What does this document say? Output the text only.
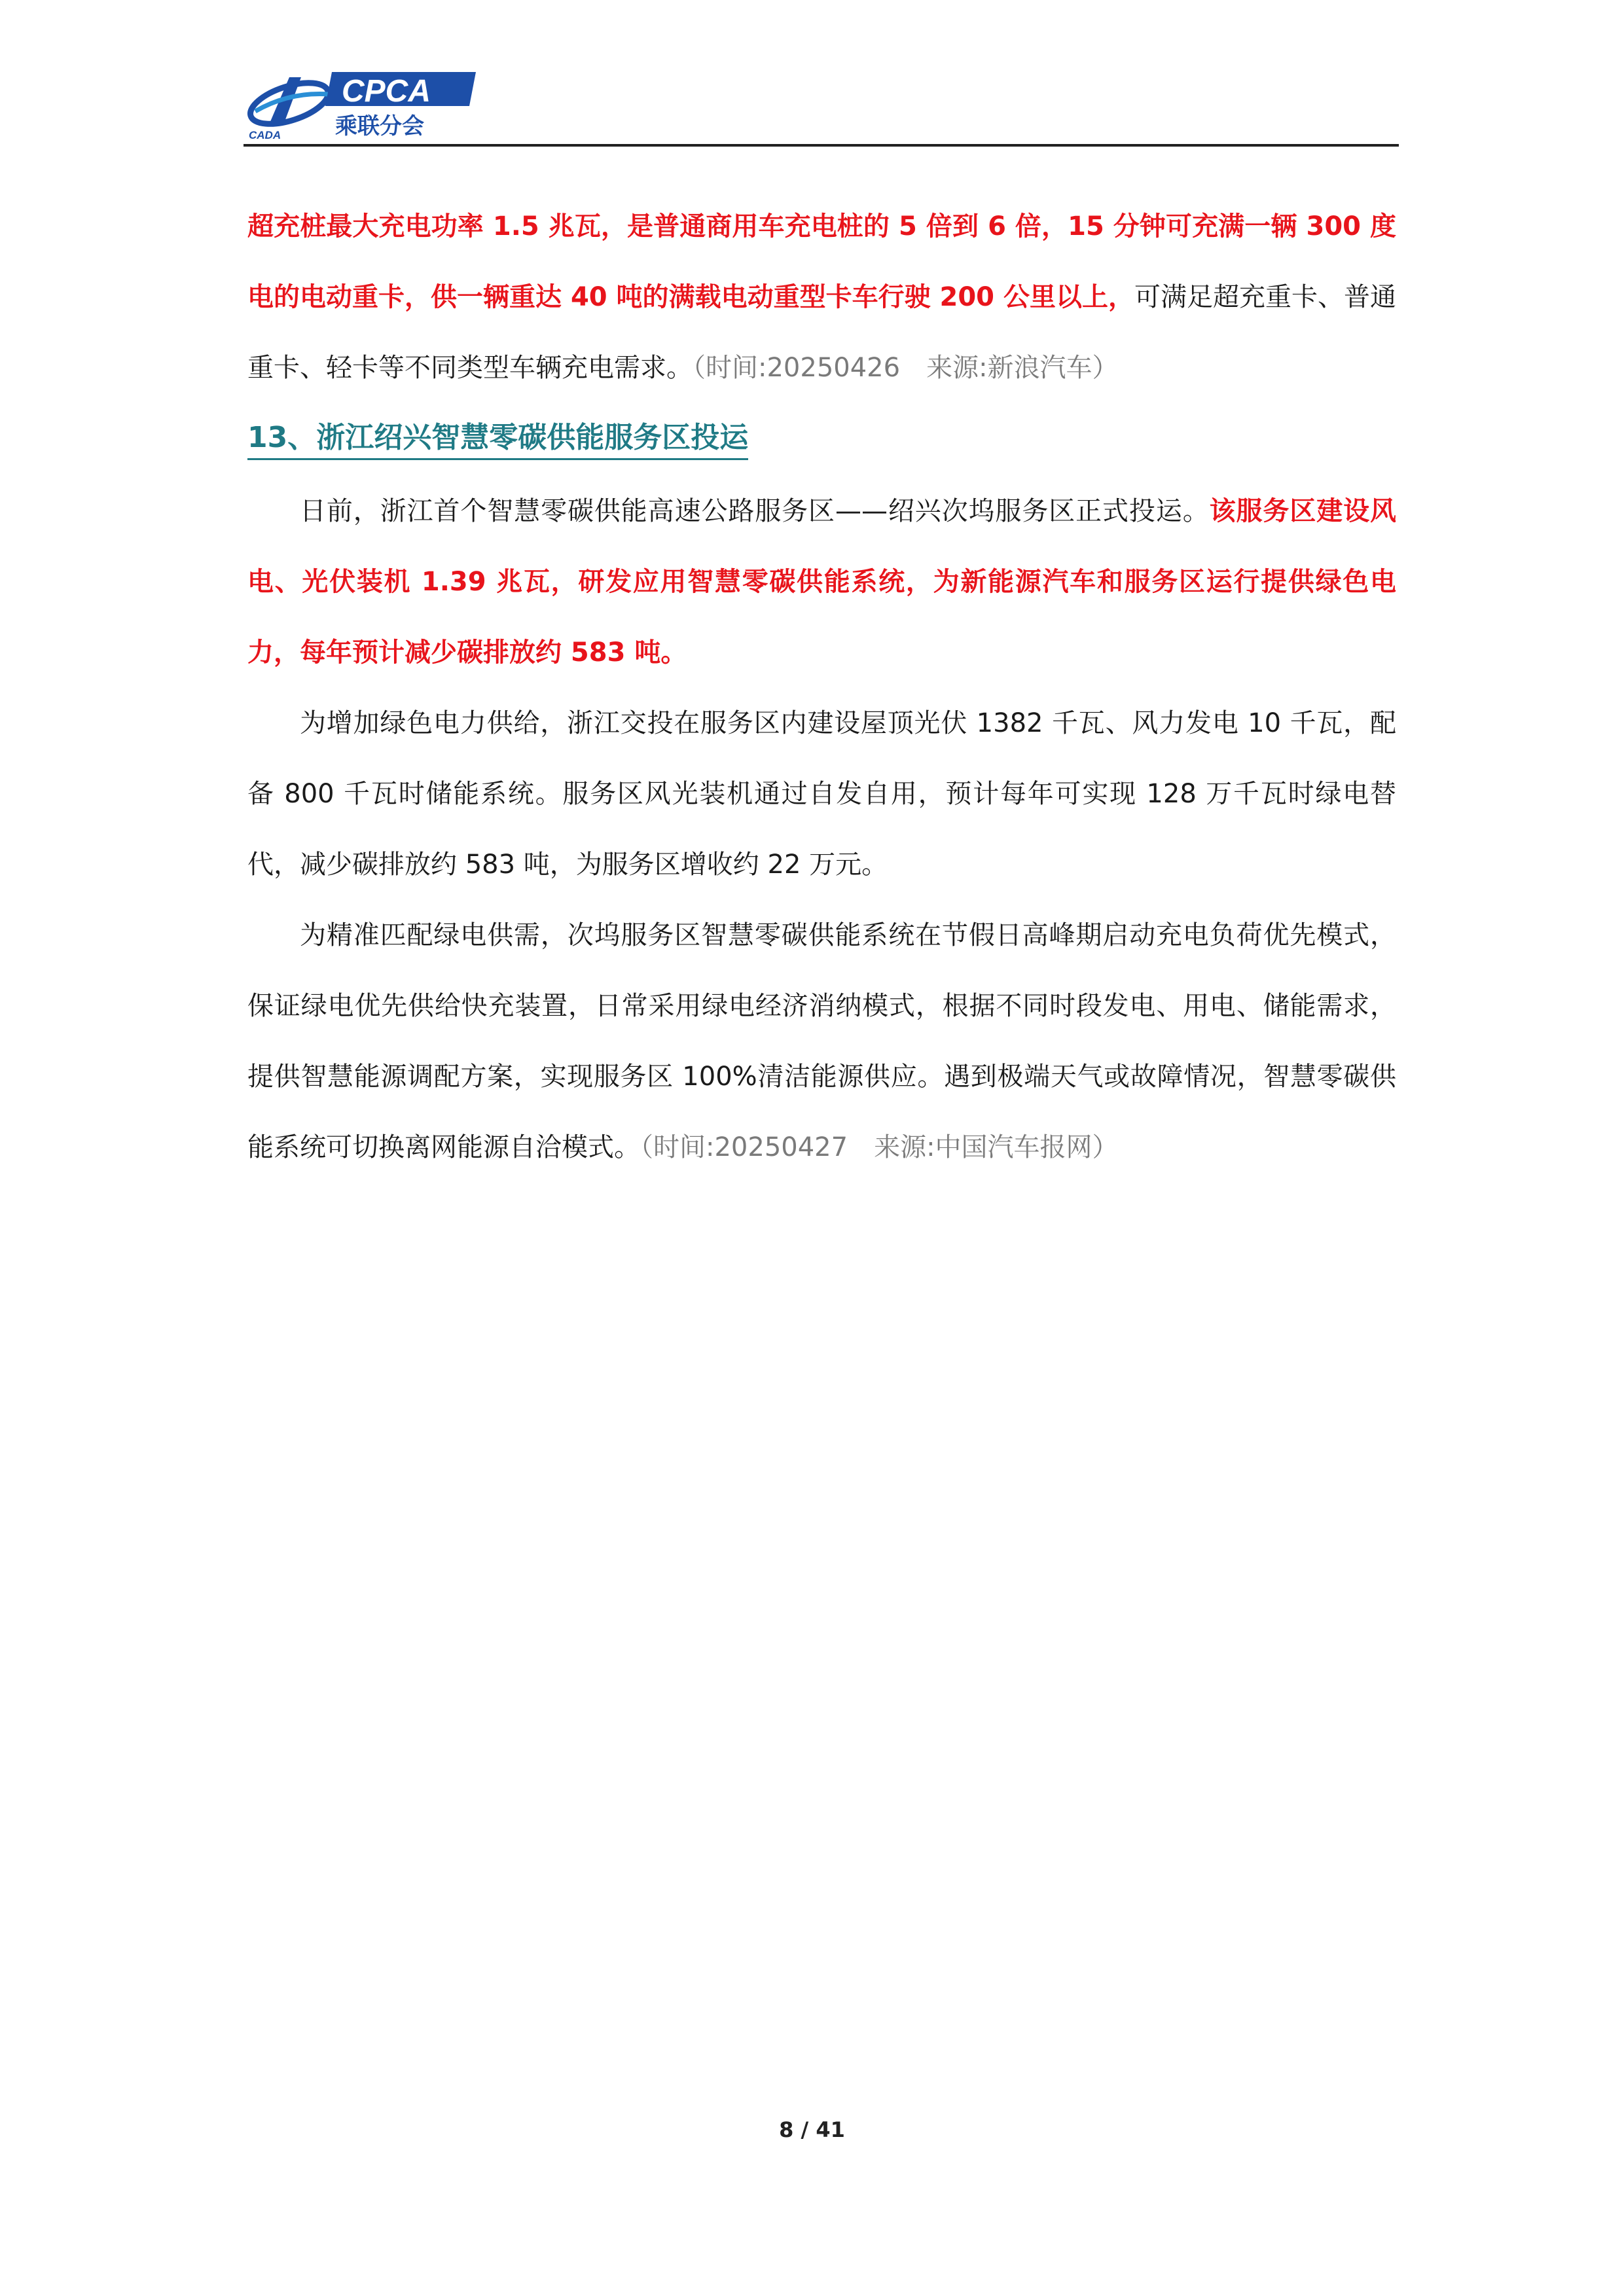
CADA
CPCA
乘联分会

超充桩最大充电功率 1.5 兆瓦，是普通商用车充电桩的 5 倍到 6 倍，15 分钟可充满一辆 300 度电的电动重卡，供一辆重达 40 吨的满载电动重型卡车行驶 200 公里以上，可满足超充重卡、普通重卡、轻卡等不同类型车辆充电需求。（时间:20250426　来源:新浪汽车）

13、浙江绍兴智慧零碳供能服务区投运

日前，浙江首个智慧零碳供能高速公路服务区——绍兴次坞服务区正式投运。该服务区建设风电、光伏装机 1.39 兆瓦，研发应用智慧零碳供能系统，为新能源汽车和服务区运行提供绿色电力，每年预计减少碳排放约 583 吨。

为增加绿色电力供给，浙江交投在服务区内建设屋顶光伏 1382 千瓦、风力发电 10 千瓦，配备 800 千瓦时储能系统。服务区风光装机通过自发自用，预计每年可实现 128 万千瓦时绿电替代，减少碳排放约 583 吨，为服务区增收约 22 万元。

为精准匹配绿电供需，次坞服务区智慧零碳供能系统在节假日高峰期启动充电负荷优先模式，保证绿电优先供给快充装置，日常采用绿电经济消纳模式，根据不同时段发电、用电、储能需求，提供智慧能源调配方案，实现服务区 100%清洁能源供应。遇到极端天气或故障情况，智慧零碳供能系统可切换离网能源自洽模式。（时间:20250427　来源:中国汽车报网）

8 / 41
